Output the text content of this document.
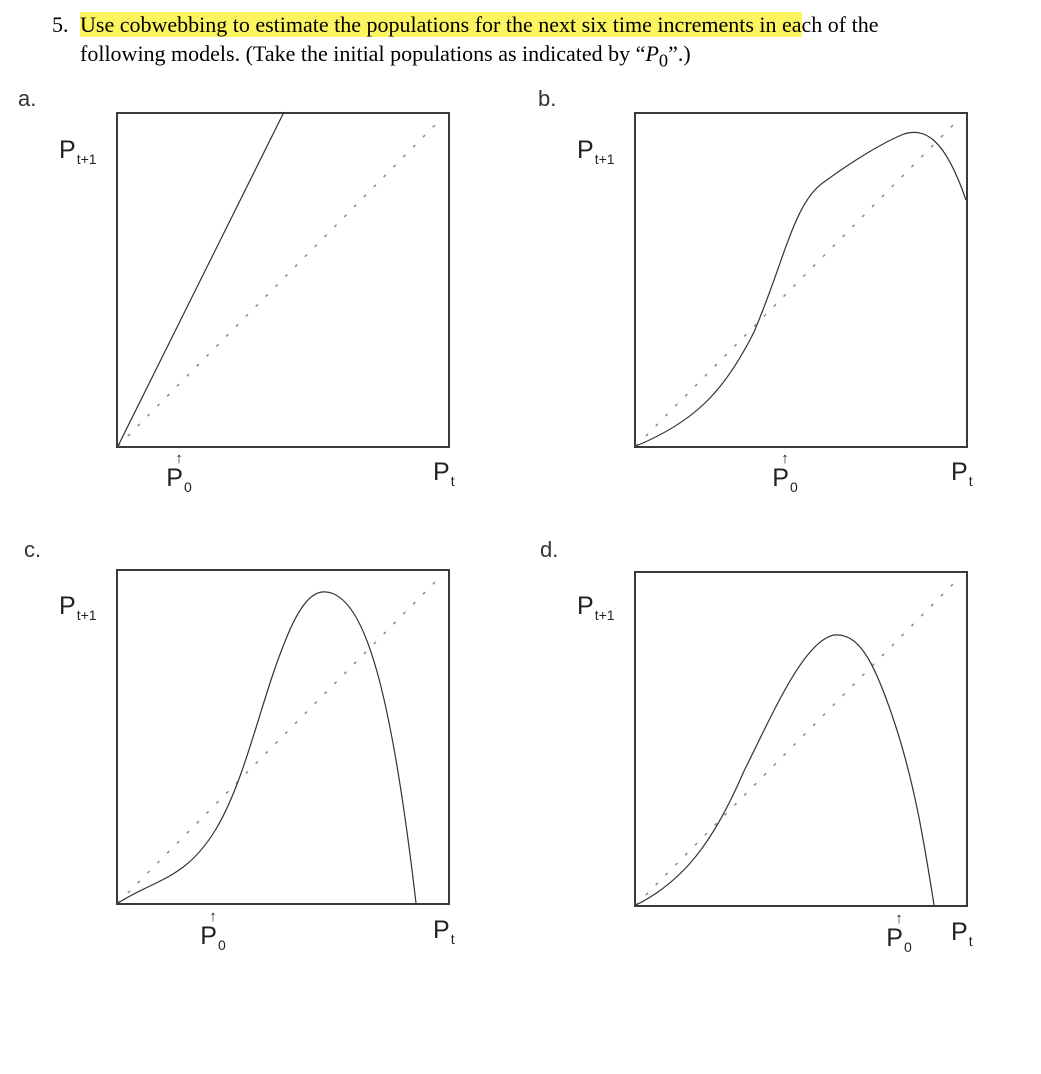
5. Use cobwebbing to estimate the populations for the next six time increments in each of the
following models. (Take the initial populations as indicated by “$P_0$”.)
a.
$P_{t+1}$
↑
$P_0$
$P_t$
b.
$P_{t+1}$
↑
$P_0$
$P_t$
c.
$P_{t+1}$
↑
$P_0$
$P_t$
d.
$P_{t+1}$
↑
$P_0$
$P_t$
